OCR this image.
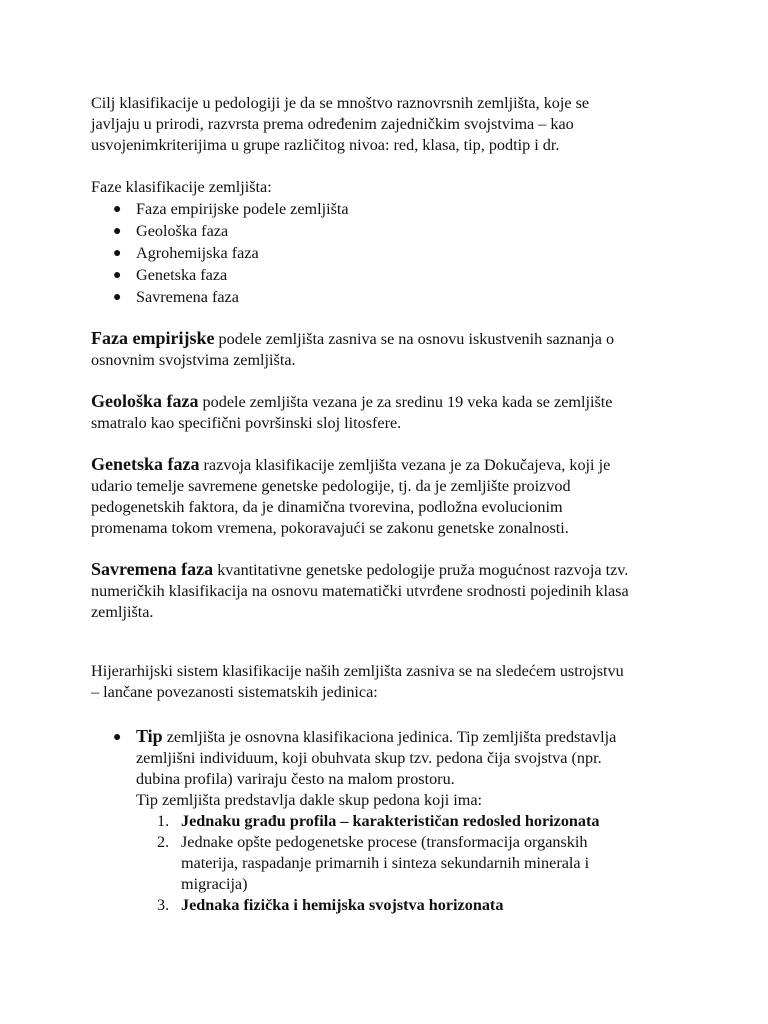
Cilj klasifikacije u pedologiji je da se mnoštvo raznovrsnih zemljišta, koje se
javljaju u prirodi, razvrsta prema određenim zajedničkim svojstvima – kao
usvojenimkriterijima u grupe različitog nivoa: red, klasa, tip, podtip i dr.

Faze klasifikacije zemljišta:

● Faza empirijske podele zemljišta
● Geološka faza
● Agrohemijska faza
● Genetska faza
● Savremena faza

Faza empirijske podele zemljišta zasniva se na osnovu iskustvenih saznanja o
osnovnim svojstvima zemljišta.

Geološka faza podele zemljišta vezana je za sredinu 19 veka kada se zemljište
smatralo kao specifični površinski sloj litosfere.

Genetska faza razvoja klasifikacije zemljišta vezana je za Dokučajeva, koji je
udario temelje savremene genetske pedologije, tj. da je zemljište proizvod
pedogenetskih faktora, da je dinamična tvorevina, podložna evolucionim
promenama tokom vremena, pokoravajući se zakonu genetske zonalnosti.

Savremena faza kvantitativne genetske pedologije pruža mogućnost razvoja tzv.
numeričkih klasifikacija na osnovu matematički utvrđene srodnosti pojedinih klasa
zemljišta.

Hijerarhijski sistem klasifikacije naših zemljišta zasniva se na sledećem ustrojstvu
– lančane povezanosti sistematskih jedinica:

● Tip zemljišta je osnovna klasifikaciona jedinica. Tip zemljišta predstavlja
zemljišni individuum, koji obuhvata skup tzv. pedona čija svojstva (npr.
dubina profila) variraju često na malom prostoru.
Tip zemljišta predstavlja dakle skup pedona koji ima:
1. Jednaku građu profila – karakterističan redosled horizonata
2. Jednake opšte pedogenetske procese (transformacija organskih
materija, raspadanje primarnih i sinteza sekundarnih minerala i
migracija)
3. Jednaka fizička i hemijska svojstva horizonata
